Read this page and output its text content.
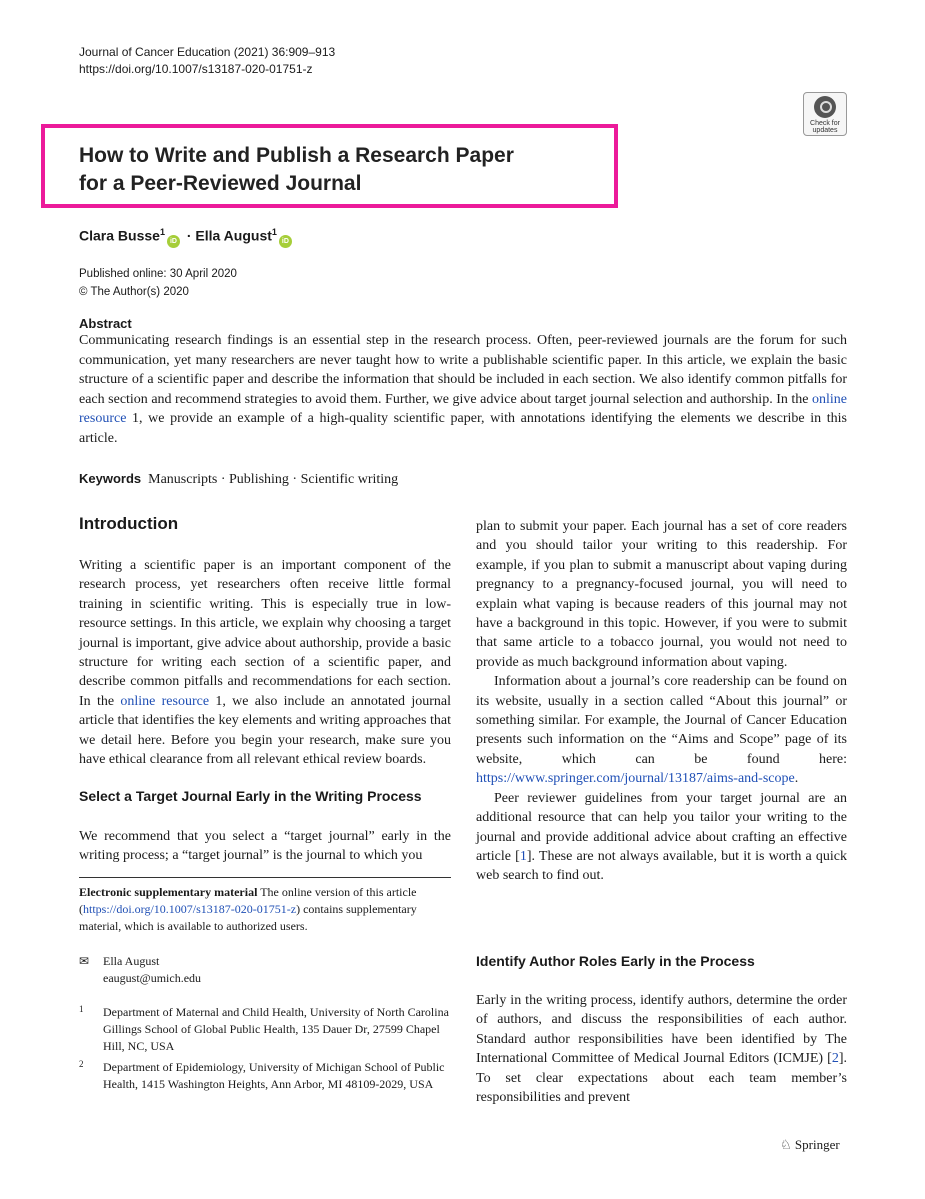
Journal of Cancer Education (2021) 36:909–913
https://doi.org/10.1007/s13187-020-01751-z
Check for updates
How to Write and Publish a Research Paper
for a Peer-Reviewed Journal
Clara Busse$^1$iD · Ella August$^1$iD
Published online: 30 April 2020
© The Author(s) 2020
Abstract
Communicating research findings is an essential step in the research process. Often, peer-reviewed journals are the forum for such communication, yet many researchers are never taught how to write a publishable scientific paper. In this article, we explain the basic structure of a scientific paper and describe the information that should be included in each section. We also identify common pitfalls for each section and recommend strategies to avoid them. Further, we give advice about target journal selection and authorship. In the online resource 1, we provide an example of a high-quality scientific paper, with annotations identifying the elements we describe in this article.
Keywords Manuscripts · Publishing · Scientific writing
Introduction
Writing a scientific paper is an important component of the research process, yet researchers often receive little formal training in scientific writing. This is especially true in low-resource settings. In this article, we explain why choosing a target journal is important, give advice about authorship, provide a basic structure for writing each section of a scientific paper, and describe common pitfalls and recommendations for each section. In the online resource 1, we also include an annotated journal article that identifies the key elements and writing approaches that we detail here. Before you begin your research, make sure you have ethical clearance from all relevant ethical review boards.
Select a Target Journal Early in the Writing Process
We recommend that you select a “target journal” early in the writing process; a “target journal” is the journal to which you
Electronic supplementary material The online version of this article (https://doi.org/10.1007/s13187-020-01751-z) contains supplementary material, which is available to authorized users.
✉ Ella August
eaugust@umich.edu
1 Department of Maternal and Child Health, University of North Carolina Gillings School of Global Public Health, 135 Dauer Dr, 27599 Chapel Hill, NC, USA
2 Department of Epidemiology, University of Michigan School of Public Health, 1415 Washington Heights, Ann Arbor, MI 48109-2029, USA

plan to submit your paper. Each journal has a set of core readers and you should tailor your writing to this readership. For example, if you plan to submit a manuscript about vaping during pregnancy to a pregnancy-focused journal, you will need to explain what vaping is because readers of this journal may not have a background in this topic. However, if you were to submit that same article to a tobacco journal, you would not need to provide as much background information about vaping.

Information about a journal’s core readership can be found on its website, usually in a section called “About this journal” or something similar. For example, the Journal of Cancer Education presents such information on the “Aims and Scope” page of its website, which can be found here: https://www.springer.com/journal/13187/aims-and-scope.

Peer reviewer guidelines from your target journal are an additional resource that can help you tailor your writing to the journal and provide additional advice about crafting an effective article [1]. These are not always available, but it is worth a quick web search to find out.

Identify Author Roles Early in the Process
Early in the writing process, identify authors, determine the order of authors, and discuss the responsibilities of each author. Standard author responsibilities have been identified by The International Committee of Medical Journal Editors (ICMJE) [2]. To set clear expectations about each team member’s responsibilities and prevent
♘ Springer
